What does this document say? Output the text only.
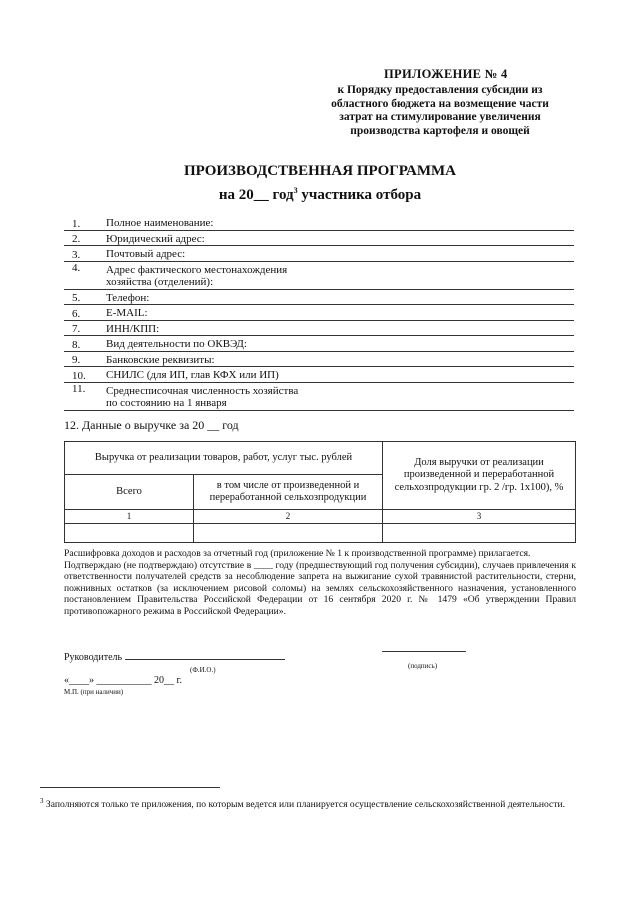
ПРИЛОЖЕНИЕ № 4
к Порядку предоставления субсидии из областного бюджета на возмещение части затрат на стимулирование увеличения производства картофеля и овощей
ПРОИЗВОДСТВЕННАЯ ПРОГРАММА
на 20__ год$^3$ участника отбора
1.	Полное наименование:
2.	Юридический адрес:
3.	Почтовый адрес:
4.	Адрес фактического местонахождения хозяйства (отделений):
5.	Телефон:
6.	E-MAIL:
7.	ИНН/КПП:
8.	Вид деятельности по ОКВЭД:
9.	Банковские реквизиты:
10.	СНИЛС (для ИП, глав КФХ или ИП)
11.	Среднесписочная численность хозяйства по состоянию на 1 января
12. Данные о выручке за 20 __ год
Выручка от реализации товаров, работ, услуг тыс. рублей		Доля выручки от реализации произведенной и переработанной сельхозпродукции гр. 2 /гр. 1х100), %
Всего	в том числе от произведенной и переработанной сельхозпродукции	
1	2	3

Расшифровка доходов и расходов за отчетный год (приложение № 1 к производственной программе) прилагается.

Подтверждаю (не подтверждаю) отсутствие в ____ году (предшествующий год получения субсидии), случаев привлечения к ответственности получателей средств за несоблюдение запрета на выжигание сухой травянистой растительности, стерни, пожнивных остатков (за исключением рисовой соломы) на землях сельскохозяйственного назначения, установленного постановлением Правительства Российской Федерации от 16 сентября 2020 г. № 1479 «Об утверждении Правил противопожарного режима в Российской Федерации».

Руководитель
(Ф.И.О.)	(подпись)
«____» ___________ 20__ г.
М.П. (при наличии)
$^3$ Заполняются только те приложения, по которым ведется или планируется осуществление сельскохозяйственной деятельности.
